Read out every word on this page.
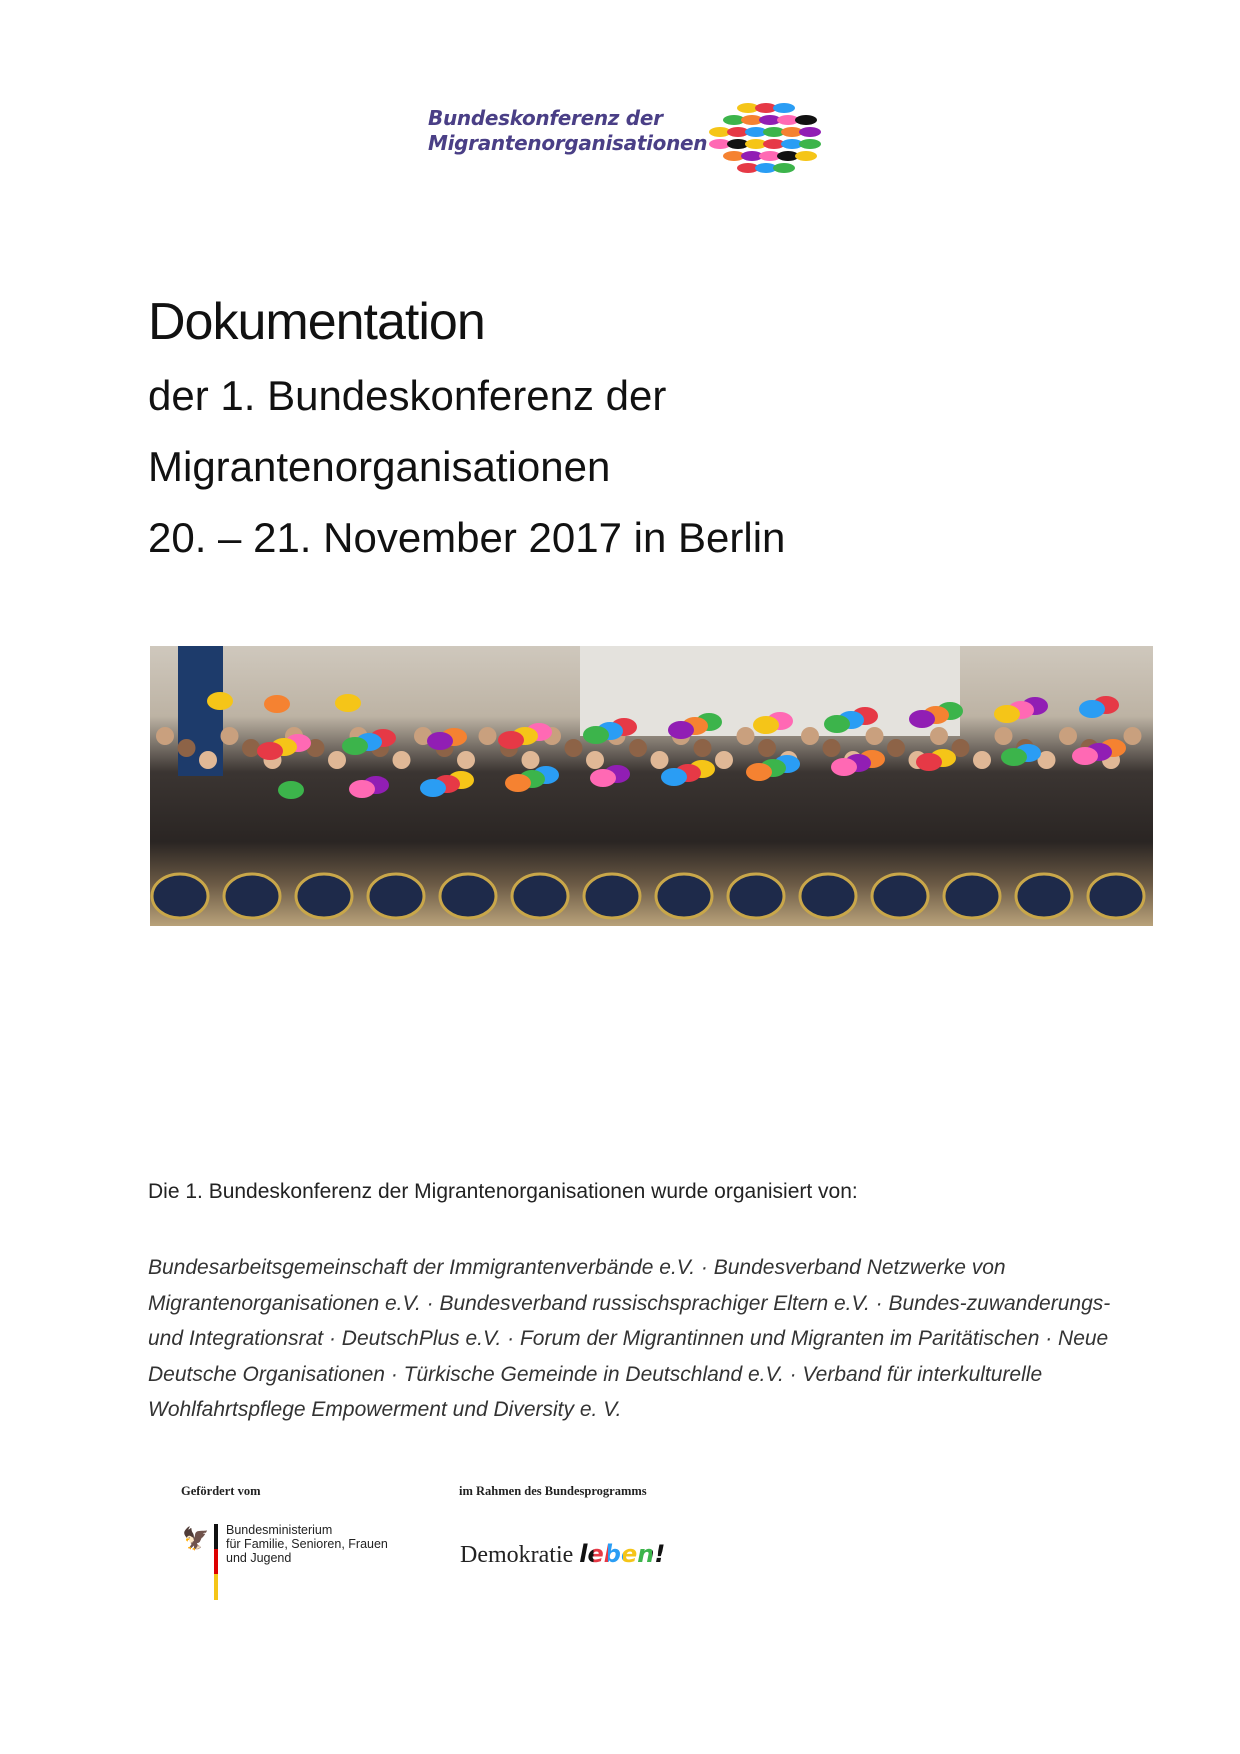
Bundeskonferenz der
Migrantenorganisationen
Dokumentation
der 1. Bundeskonferenz der
Migrantenorganisationen
20. – 21. November 2017 in Berlin
Die 1. Bundeskonferenz der Migrantenorganisationen wurde organisiert von:
Bundesarbeitsgemeinschaft der Immigrantenverbände e.V. · Bundesverband Netzwerke von Migrantenorganisationen e.V. · Bundesverband russischsprachiger Eltern e.V. · Bundes-zuwanderungs- und Integrationsrat · DeutschPlus e.V. · Forum der Migrantinnen und Migranten im Paritätischen · Neue Deutsche Organisationen · Türkische Gemeinde in Deutschland e.V. · Verband für interkulturelle Wohlfahrtspflege Empowerment und Diversity e. V.
Gefördert vom	im Rahmen des Bundesprogramms
🦅 Bundesministerium
für Familie, Senioren, Frauen
und Jugend	Demokratie leben!
